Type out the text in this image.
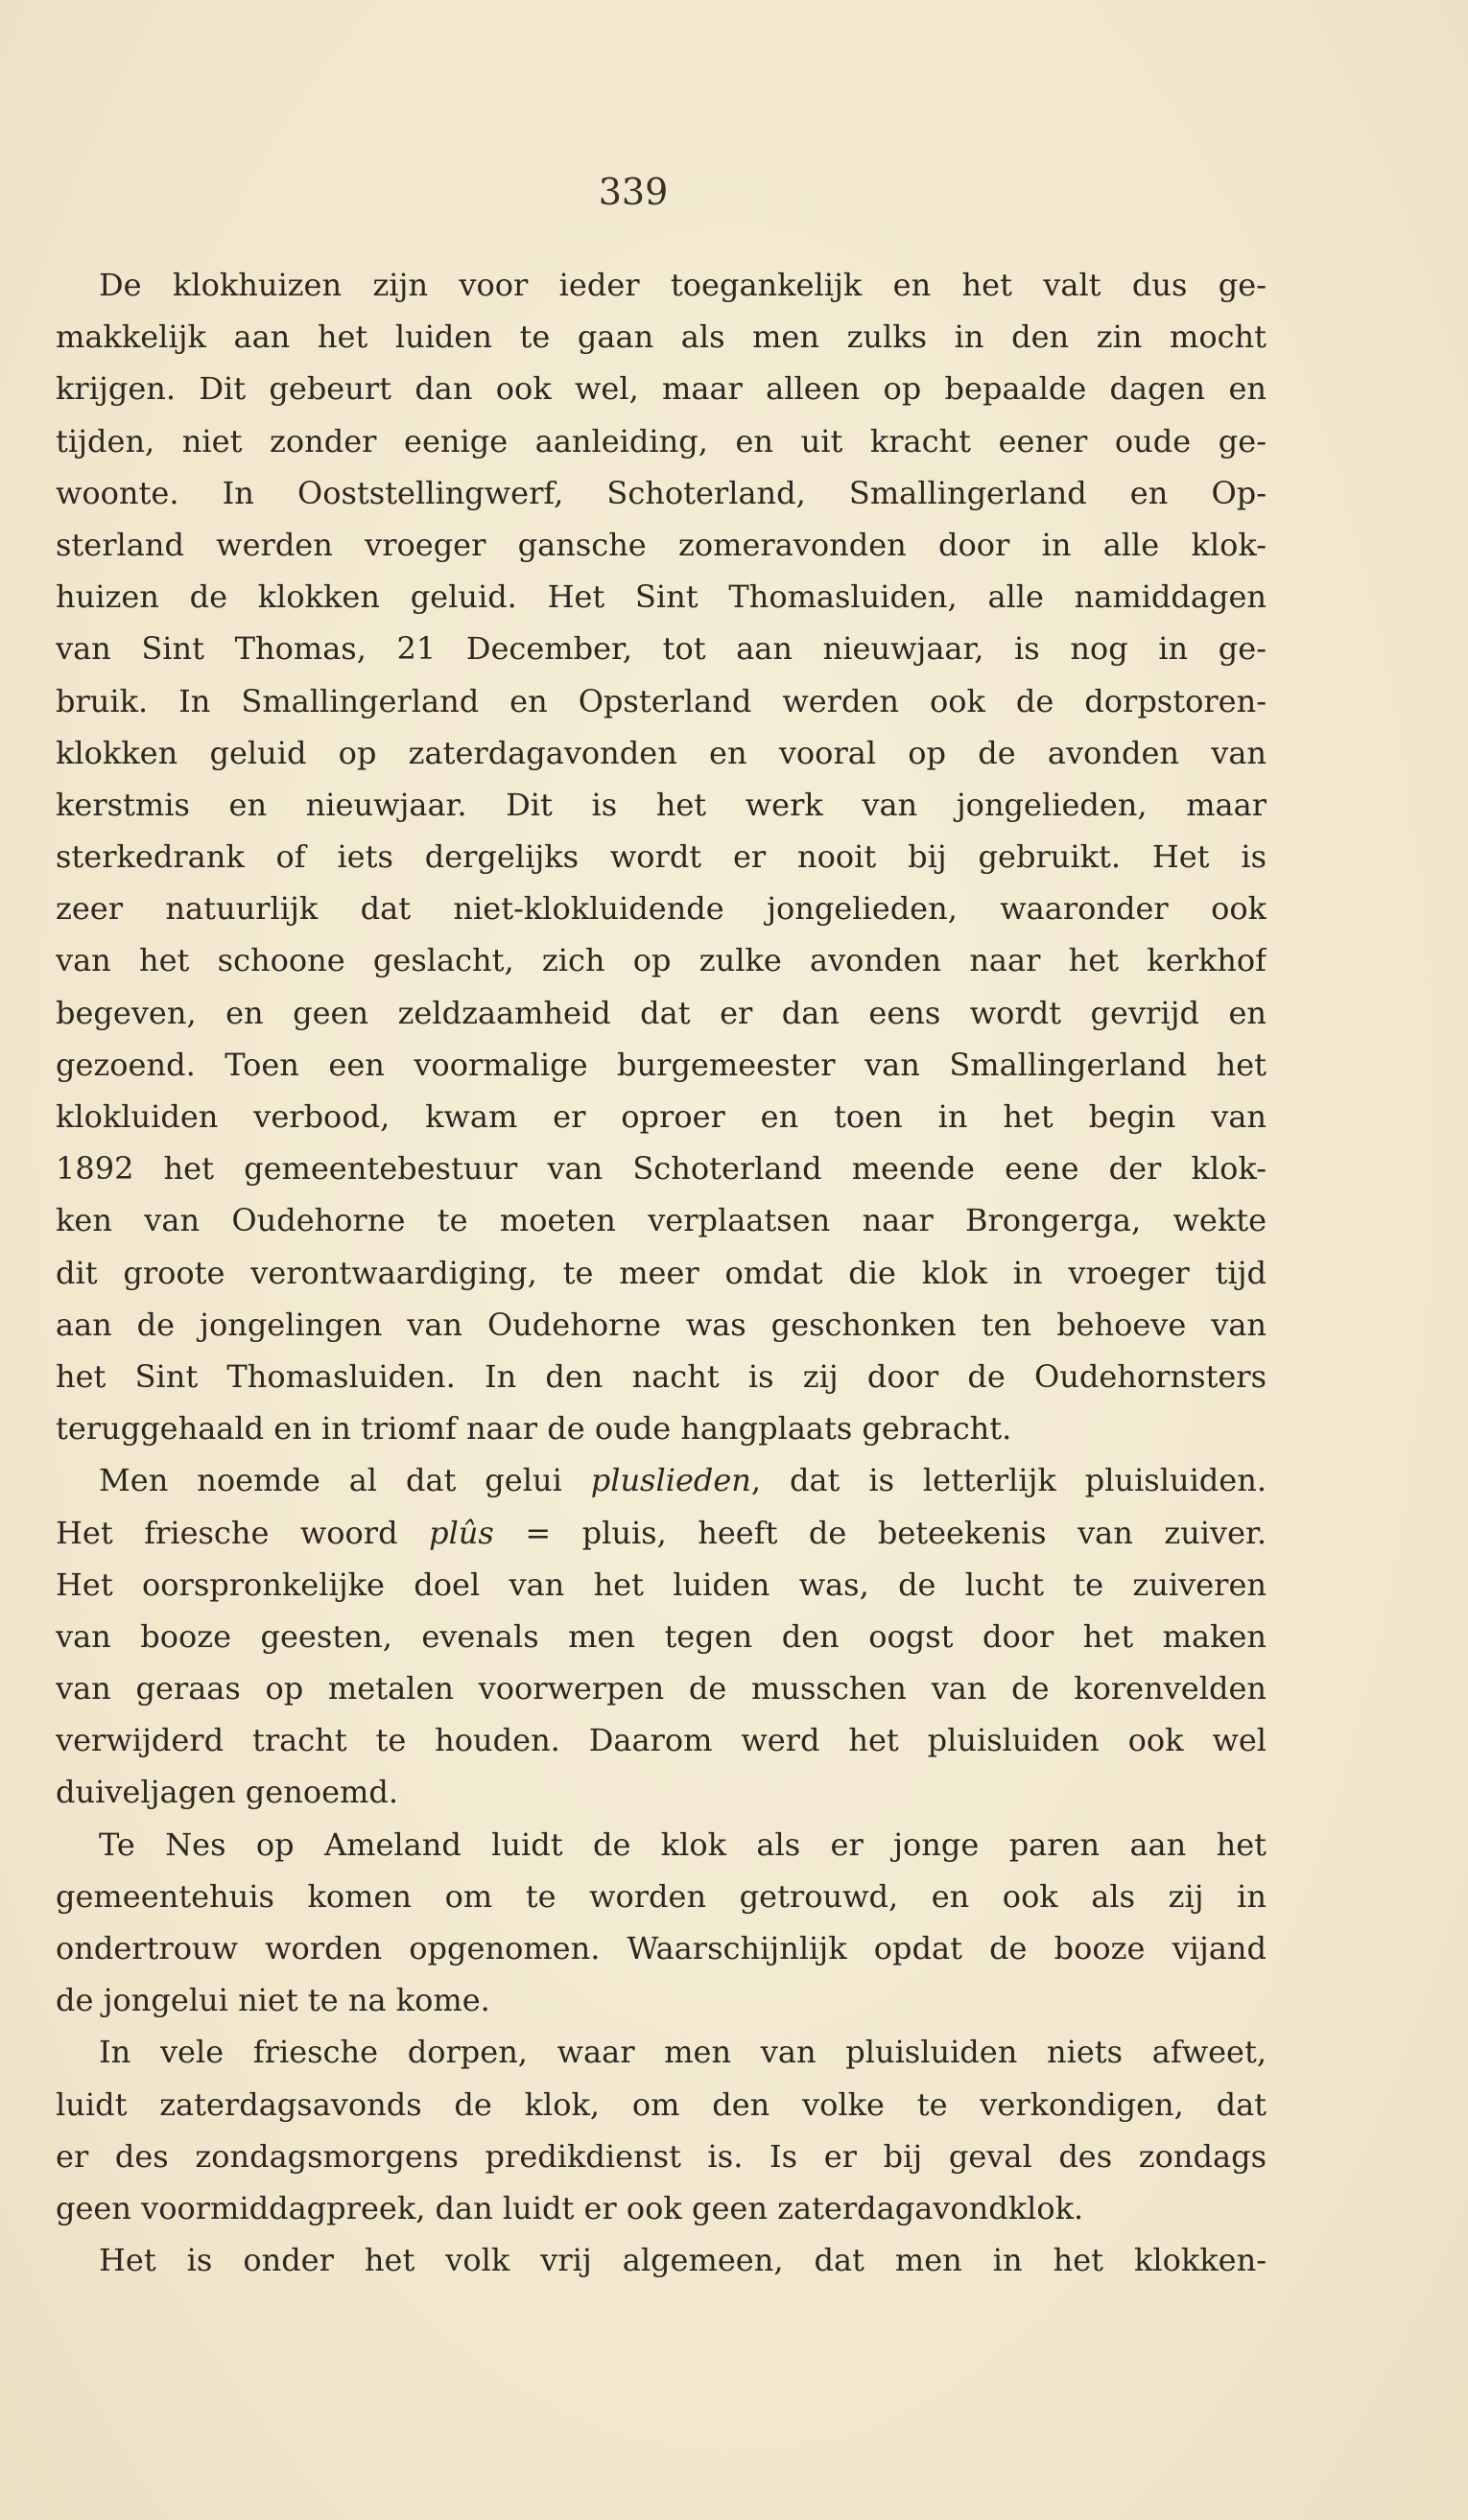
339
De klokhuizen zijn voor ieder toegankelijk en het valt dus ge-
makkelijk aan het luiden te gaan als men zulks in den zin mocht
krijgen. Dit gebeurt dan ook wel, maar alleen op bepaalde dagen en
tijden, niet zonder eenige aanleiding, en uit kracht eener oude ge-
woonte. In Ooststellingwerf, Schoterland, Smallingerland en Op-
sterland werden vroeger gansche zomeravonden door in alle klok-
huizen de klokken geluid. Het Sint Thomasluiden, alle namiddagen
van Sint Thomas, 21 December, tot aan nieuwjaar, is nog in ge-
bruik. In Smallingerland en Opsterland werden ook de dorpstoren-
klokken geluid op zaterdagavonden en vooral op de avonden van
kerstmis en nieuwjaar. Dit is het werk van jongelieden, maar
sterkedrank of iets dergelijks wordt er nooit bij gebruikt. Het is
zeer natuurlijk dat niet-klokluidende jongelieden, waaronder ook
van het schoone geslacht, zich op zulke avonden naar het kerkhof
begeven, en geen zeldzaamheid dat er dan eens wordt gevrijd en
gezoend. Toen een voormalige burgemeester van Smallingerland het
klokluiden verbood, kwam er oproer en toen in het begin van
1892 het gemeentebestuur van Schoterland meende eene der klok-
ken van Oudehorne te moeten verplaatsen naar Brongerga, wekte
dit groote verontwaardiging, te meer omdat die klok in vroeger tijd
aan de jongelingen van Oudehorne was geschonken ten behoeve van
het Sint Thomasluiden. In den nacht is zij door de Oudehornsters
teruggehaald en in triomf naar de oude hangplaats gebracht.
Men noemde al dat gelui pluslieden, dat is letterlijk pluisluiden.
Het friesche woord plûs = pluis, heeft de beteekenis van zuiver.
Het oorspronkelijke doel van het luiden was, de lucht te zuiveren
van booze geesten, evenals men tegen den oogst door het maken
van geraas op metalen voorwerpen de musschen van de korenvelden
verwijderd tracht te houden. Daarom werd het pluisluiden ook wel
duiveljagen genoemd.
Te Nes op Ameland luidt de klok als er jonge paren aan het
gemeentehuis komen om te worden getrouwd, en ook als zij in
ondertrouw worden opgenomen. Waarschijnlijk opdat de booze vijand
de jongelui niet te na kome.
In vele friesche dorpen, waar men van pluisluiden niets afweet,
luidt zaterdagsavonds de klok, om den volke te verkondigen, dat
er des zondagsmorgens predikdienst is. Is er bij geval des zondags
geen voormiddagpreek, dan luidt er ook geen zaterdagavondklok.
Het is onder het volk vrij algemeen, dat men in het klokken-
